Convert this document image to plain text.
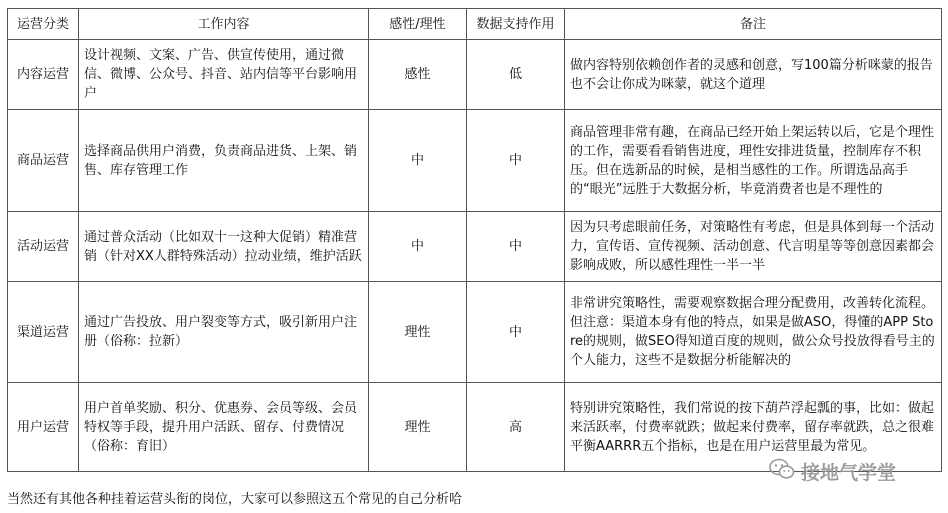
运营分类	工作内容	感性/理性	数据支持作用	备注
内容运营	设计视频、文案、广告、供宣传使用，通过微信、微博、公众号、抖音、站内信等平台影响用户	感性	低	做内容特别依赖创作者的灵感和创意，写100篇分析咪蒙的报告也不会让你成为咪蒙，就这个道理
商品运营	选择商品供用户消费，负责商品进货、上架、销售、库存管理工作	中	中	商品管理非常有趣，在商品已经开始上架运转以后，它是个理性的工作，需要看看销售进度，理性安排进货量，控制库存不积压。但在选新品的时候，是相当感性的工作。所谓选品高手的“眼光”远胜于大数据分析，毕竟消费者也是不理性的
活动运营	通过普众活动（比如双十一这种大促销）精准营销（针对XX人群特殊活动）拉动业绩，维护活跃	中	中	因为只考虑眼前任务，对策略性有考虑，但是具体到每一个活动力，宣传语、宣传视频、活动创意、代言明星等等创意因素都会影响成败，所以感性理性一半一半
渠道运营	通过广告投放、用户裂变等方式，吸引新用户注册（俗称：拉新）	理性	中	非常讲究策略性，需要观察数据合理分配费用，改善转化流程。但注意：渠道本身有他的特点，如果是做ASO，得懂的APP Store的规则，做SEO得知道百度的规则，做公众号投放得看号主的个人能力，这些不是数据分析能解决的
用户运营	用户首单奖励、积分、优惠券、会员等级、会员特权等手段，提升用户活跃、留存、付费情况（俗称：育旧）	理性	高	特别讲究策略性，我们常说的按下葫芦浮起瓢的事，比如：做起来活跃率，付费率就跌；做起来付费率，留存率就跌，总之很难平衡AARRR五个指标，也是在用户运营里最为常见。
接地气学堂
当然还有其他各种挂着运营头衔的岗位，大家可以参照这五个常见的自己分析哈
